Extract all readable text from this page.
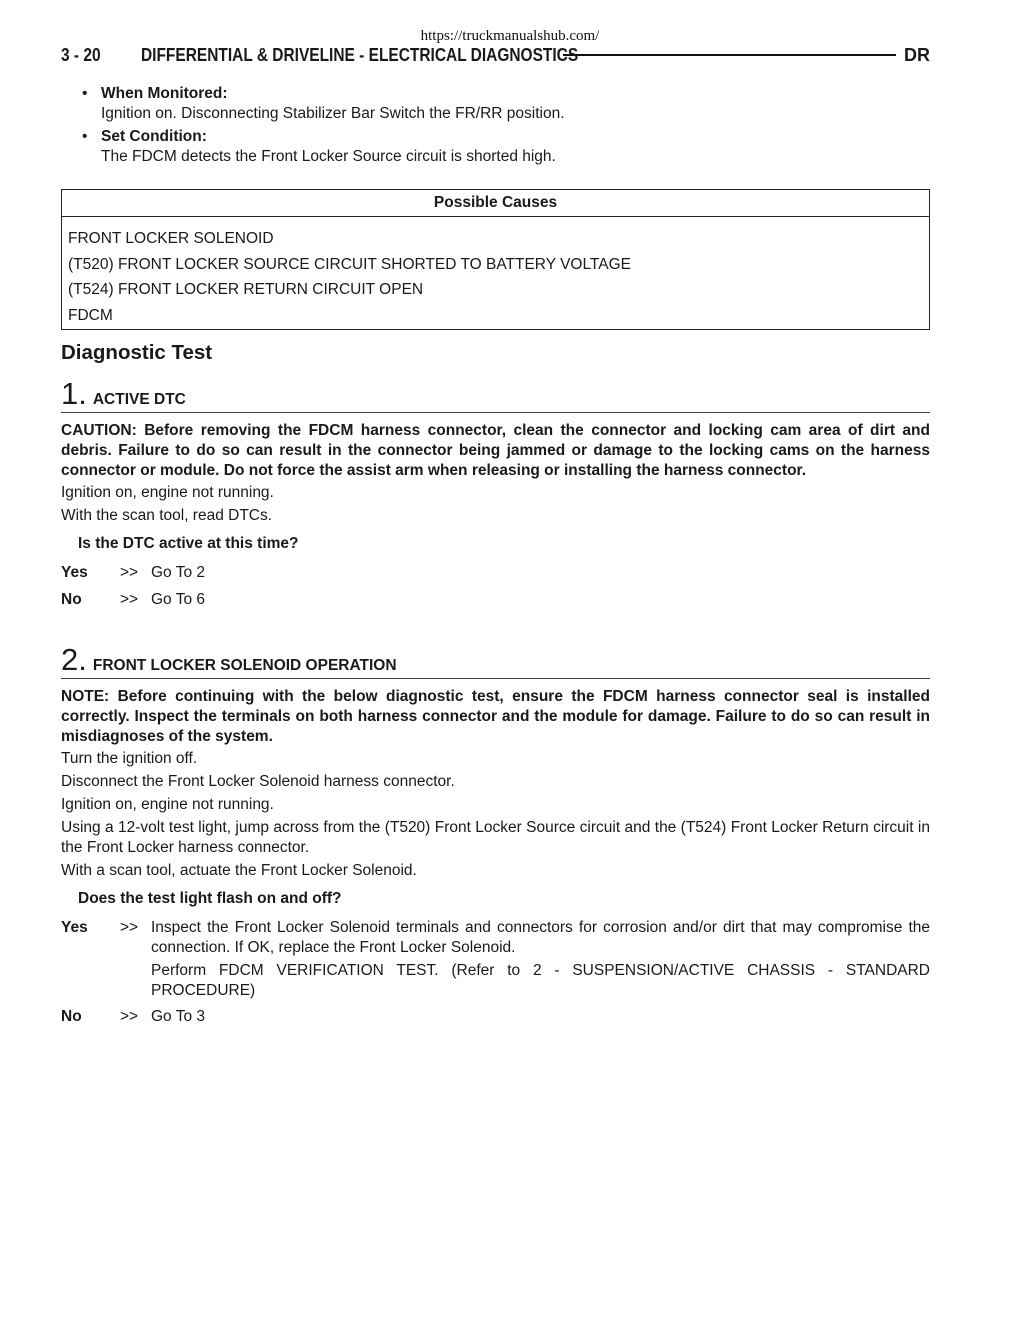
https://truckmanualshub.com/
3 - 20	DIFFERENTIAL & DRIVELINE - ELECTRICAL DIAGNOSTICS	DR
• When Monitored:
Ignition on. Disconnecting Stabilizer Bar Switch the FR/RR position.
• Set Condition:
The FDCM detects the Front Locker Source circuit is shorted high.
Possible Causes
FRONT LOCKER SOLENOID
(T520) FRONT LOCKER SOURCE CIRCUIT SHORTED TO BATTERY VOLTAGE
(T524) FRONT LOCKER RETURN CIRCUIT OPEN
FDCM
Diagnostic Test
1. ACTIVE DTC

CAUTION: Before removing the FDCM harness connector, clean the connector and locking cam area of dirt and debris. Failure to do so can result in the connector being jammed or damage to the locking cams on the harness connector or module. Do not force the assist arm when releasing or installing the harness connector.

Ignition on, engine not running.

With the scan tool, read DTCs.

Is the DTC active at this time?
Yes >> Go To 2
No >> Go To 6
2. FRONT LOCKER SOLENOID OPERATION

NOTE: Before continuing with the below diagnostic test, ensure the FDCM harness connector seal is installed correctly. Inspect the terminals on both harness connector and the module for damage. Failure to do so can result in misdiagnoses of the system.

Turn the ignition off.

Disconnect the Front Locker Solenoid harness connector.

Ignition on, engine not running.

Using a 12-volt test light, jump across from the (T520) Front Locker Source circuit and the (T524) Front Locker Return circuit in the Front Locker harness connector.

With a scan tool, actuate the Front Locker Solenoid.

Does the test light flash on and off?
Yes >> Inspect the Front Locker Solenoid terminals and connectors for corrosion and/or dirt that may compromise the connection. If OK, replace the Front Locker Solenoid.
Perform FDCM VERIFICATION TEST. (Refer to 2 - SUSPENSION/ACTIVE CHASSIS - STANDARD PROCEDURE)
No >> Go To 3
